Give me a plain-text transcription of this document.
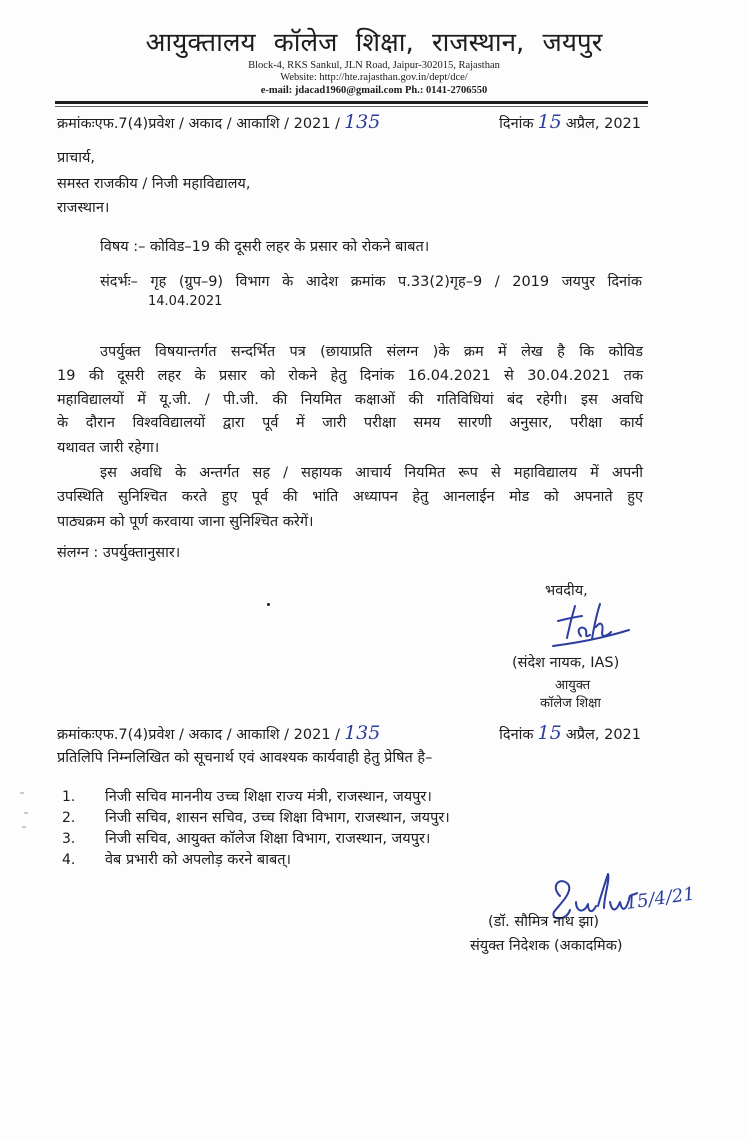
आयुक्तालय कॉलेज शिक्षा, राजस्थान, जयपुर
Block-4, RKS Sankul, JLN Road, Jaipur-302015, Rajasthan
Website: http://hte.rajasthan.gov.in/dept/dce/
e-mail: jdacad1960@gmail.com Ph.: 0141-2706550
क्रमांकःएफ.7(4)प्रवेश / अकाद / आकाशि / 2021 / 135	दिनांक 15 अप्रैल, 2021
प्राचार्य,
समस्त राजकीय / निजी महाविद्यालय,
राजस्थान।
विषय :– कोविड–19 की दूसरी लहर के प्रसार को रोकने बाबत।
संदर्भः– गृह (ग्रुप–9) विभाग के आदेश क्रमांक प.33(2)गृह–9 / 2019 जयपुर दिनांक
14.04.2021
उपर्युक्त विषयान्तर्गत सन्दर्भित पत्र (छायाप्रति संलग्न )के क्रम में लेख है कि कोविड
19 की दूसरी लहर के प्रसार को रोकने हेतु दिनांक 16.04.2021 से 30.04.2021 तक
महाविद्यालयों में यू.जी. / पी.जी. की नियमित कक्षाओं की गतिविधियां बंद रहेगी। इस अवधि
के दौरान विश्वविद्यालयों द्वारा पूर्व में जारी परीक्षा समय सारणी अनुसार, परीक्षा कार्य
यथावत जारी रहेगा।
इस अवधि के अन्तर्गत सह / सहायक आचार्य नियमित रूप से महाविद्यालय में अपनी
उपस्थिति सुनिश्चित करते हुए पूर्व की भांति अध्यापन हेतु आनलाईन मोड को अपनाते हुए
पाठ्यक्रम को पूर्ण करवाया जाना सुनिश्चित करेगें।
संलग्न : उपर्युक्तानुसार।
भवदीय,
(संदेश नायक, IAS)
आयुक्त
कॉलेज शिक्षा
क्रमांकःएफ.7(4)प्रवेश / अकाद / आकाशि / 2021 / 135	दिनांक 15 अप्रैल, 2021
प्रतिलिपि निम्नलिखित को सूचनार्थ एवं आवश्यक कार्यवाही हेतु प्रेषित है–
1. निजी सचिव माननीय उच्च शिक्षा राज्य मंत्री, राजस्थान, जयपुर।
2. निजी सचिव, शासन सचिव, उच्च शिक्षा विभाग, राजस्थान, जयपुर।
3. निजी सचिव, आयुक्त कॉलेज शिक्षा विभाग, राजस्थान, जयपुर।
4. वेब प्रभारी को अपलोड़ करने बाबत्।
15/4/21
(डॉ. सौमित्र नाथ झा)
संयुक्त निदेशक (अकादमिक)
